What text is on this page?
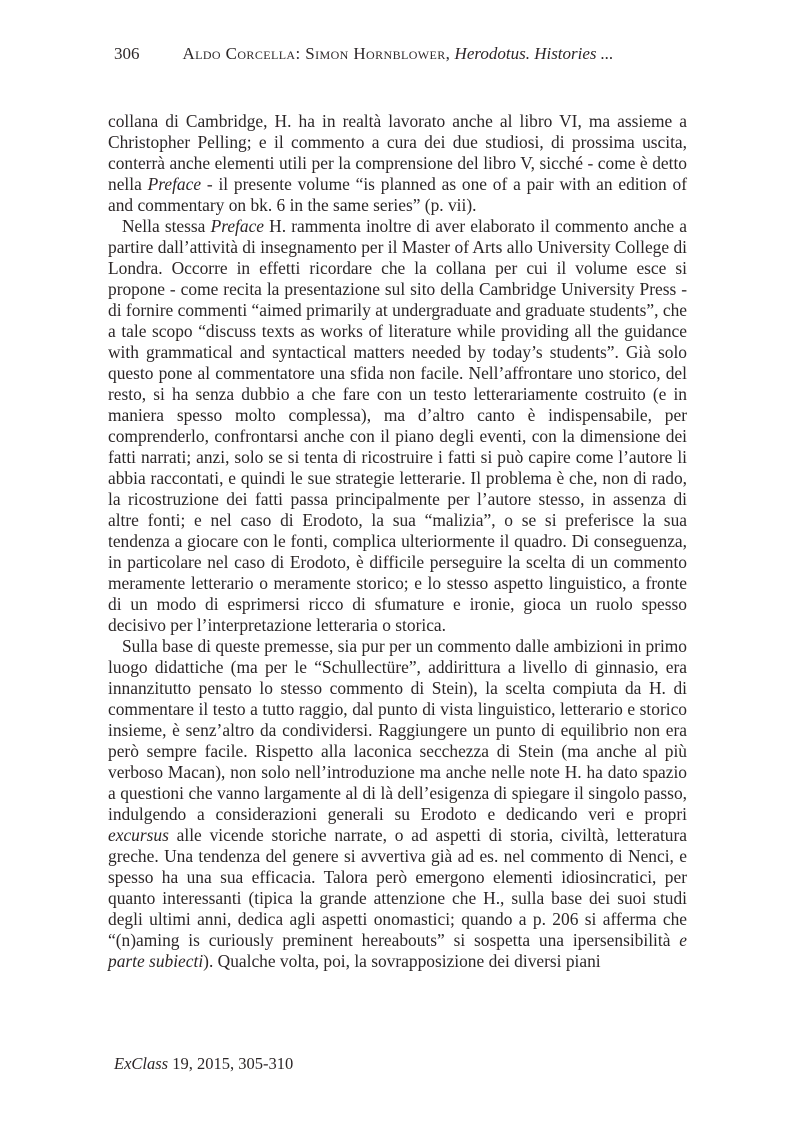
306	Aldo Corcella: Simon Hornblower, Herodotus. Histories ...

collana di Cambridge, H. ha in realtà lavorato anche al libro VI, ma assieme a Christopher Pelling; e il commento a cura dei due studiosi, di prossima uscita, conterrà anche elementi utili per la comprensione del libro V, sicché - come è detto nella Preface - il presente volume “is planned as one of a pair with an edition of and commentary on bk. 6 in the same series” (p. vii).

Nella stessa Preface H. rammenta inoltre di aver elaborato il commento anche a partire dall’attività di insegnamento per il Master of Arts allo University College di Londra. Occorre in effetti ricordare che la collana per cui il volume esce si propone - come recita la presentazione sul sito della Cambridge University Press - di fornire commenti “aimed primarily at undergraduate and graduate students”, che a tale scopo “discuss texts as works of literature while providing all the guidance with grammatical and syntactical matters needed by today’s students”. Già solo questo pone al commentatore una sfida non facile. Nell’affrontare uno storico, del resto, si ha senza dubbio a che fare con un testo letterariamente costruito (e in maniera spesso molto complessa), ma d’altro canto è indispensabile, per comprenderlo, confrontarsi anche con il piano degli eventi, con la dimensione dei fatti narrati; anzi, solo se si tenta di ricostruire i fatti si può capire come l’autore li abbia raccontati, e quindi le sue strategie letterarie. Il problema è che, non di rado, la ricostruzione dei fatti passa principalmente per l’autore stesso, in assenza di altre fonti; e nel caso di Erodoto, la sua “malizia”, o se si preferisce la sua tendenza a giocare con le fonti, complica ulteriormente il quadro. Di conseguenza, in particolare nel caso di Erodoto, è difficile perseguire la scelta di un commento meramente letterario o meramente storico; e lo stesso aspetto linguistico, a fronte di un modo di esprimersi ricco di sfumature e ironie, gioca un ruolo spesso decisivo per l’interpretazione letteraria o storica.

Sulla base di queste premesse, sia pur per un commento dalle ambizioni in primo luogo didattiche (ma per le “Schullectüre”, addirittura a livello di ginnasio, era innanzitutto pensato lo stesso commento di Stein), la scelta compiuta da H. di commentare il testo a tutto raggio, dal punto di vista linguistico, letterario e storico insieme, è senz’altro da condividersi. Raggiungere un punto di equilibrio non era però sempre facile. Rispetto alla laconica secchezza di Stein (ma anche al più verboso Macan), non solo nell’introduzione ma anche nelle note H. ha dato spazio a questioni che vanno largamente al di là dell’esigenza di spiegare il singolo passo, indulgendo a considerazioni generali su Erodoto e dedicando veri e propri excursus alle vicende storiche narrate, o ad aspetti di storia, civiltà, letteratura greche. Una tendenza del genere si avvertiva già ad es. nel commento di Nenci, e spesso ha una sua efficacia. Talora però emergono elementi idiosincratici, per quanto interessanti (tipica la grande attenzione che H., sulla base dei suoi studi degli ultimi anni, dedica agli aspetti onomastici; quando a p. 206 si afferma che “(n)aming is curiously preminent hereabouts” si sospetta una ipersensibilità e parte subiecti). Qualche volta, poi, la sovrapposizione dei diversi piani

ExClass 19, 2015, 305-310
